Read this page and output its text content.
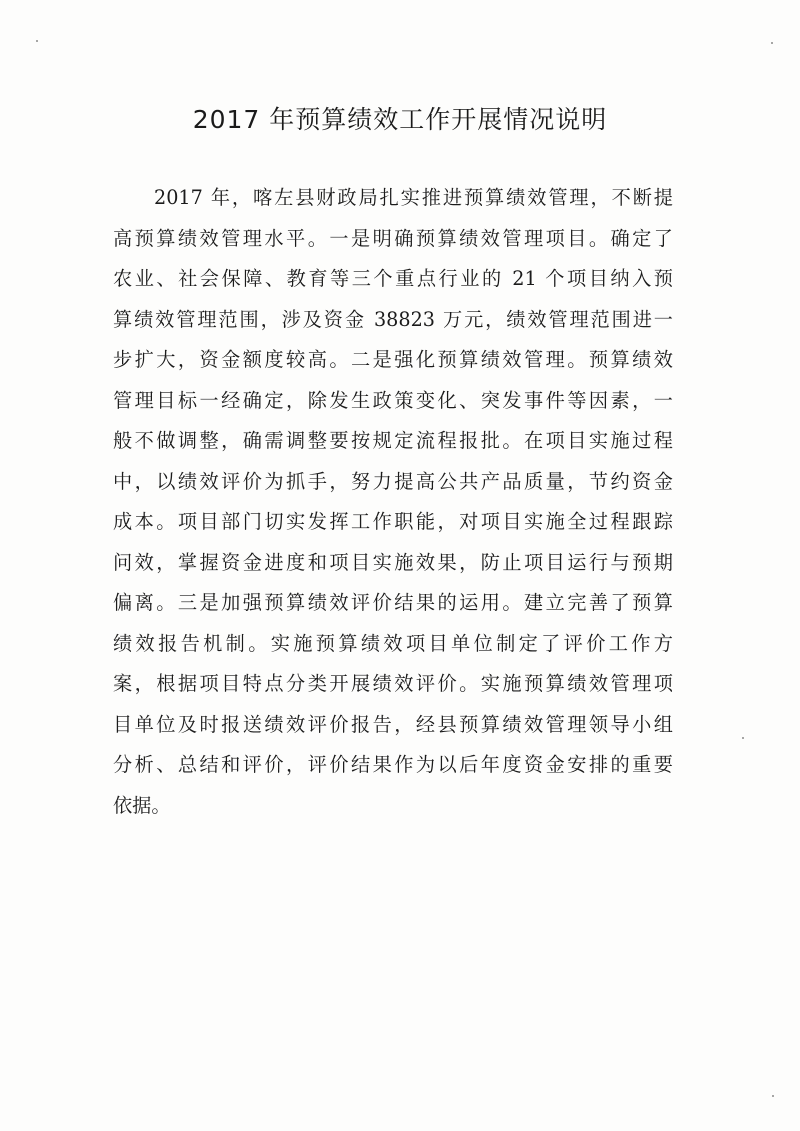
2017 年预算绩效工作开展情况说明
2017 年，喀左县财政局扎实推进预算绩效管理，不断提
高预算绩效管理水平。一是明确预算绩效管理项目。确定了
农业、社会保障、教育等三个重点行业的 21 个项目纳入预
算绩效管理范围，涉及资金 38823 万元，绩效管理范围进一
步扩大，资金额度较高。二是强化预算绩效管理。预算绩效
管理目标一经确定，除发生政策变化、突发事件等因素，一
般不做调整，确需调整要按规定流程报批。在项目实施过程
中，以绩效评价为抓手，努力提高公共产品质量，节约资金
成本。项目部门切实发挥工作职能，对项目实施全过程跟踪
问效，掌握资金进度和项目实施效果，防止项目运行与预期
偏离。三是加强预算绩效评价结果的运用。建立完善了预算
绩效报告机制。实施预算绩效项目单位制定了评价工作方
案，根据项目特点分类开展绩效评价。实施预算绩效管理项
目单位及时报送绩效评价报告，经县预算绩效管理领导小组
分析、总结和评价，评价结果作为以后年度资金安排的重要
依据。
